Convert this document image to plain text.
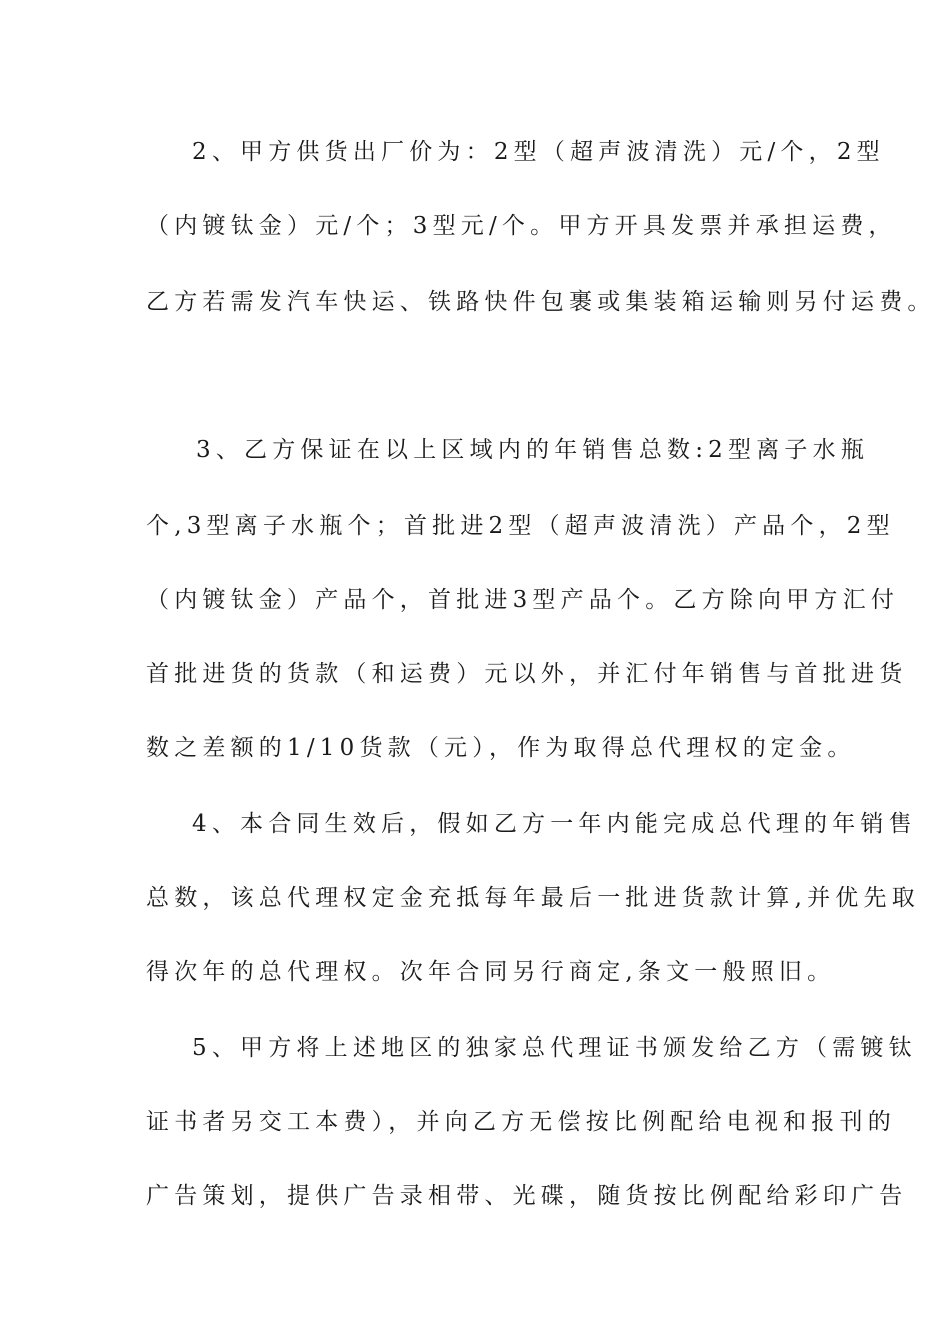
2、甲方供货出厂价为：2型（超声波清洗）元/个，2型
（内镀钛金）元/个；3型元/个。甲方开具发票并承担运费，
乙方若需发汽车快运、铁路快件包裹或集装箱运输则另付运费。
3、乙方保证在以上区域内的年销售总数:2型离子水瓶
个,3型离子水瓶个；首批进2型（超声波清洗）产品个，2型
（内镀钛金）产品个，首批进3型产品个。乙方除向甲方汇付
首批进货的货款（和运费）元以外，并汇付年销售与首批进货
数之差额的1/10货款（元），作为取得总代理权的定金。
4、本合同生效后，假如乙方一年内能完成总代理的年销售
总数，该总代理权定金充抵每年最后一批进货款计算,并优先取
得次年的总代理权。次年合同另行商定,条文一般照旧。
5、甲方将上述地区的独家总代理证书颁发给乙方（需镀钛
证书者另交工本费），并向乙方无偿按比例配给电视和报刊的
广告策划，提供广告录相带、光碟，随货按比例配给彩印广告
